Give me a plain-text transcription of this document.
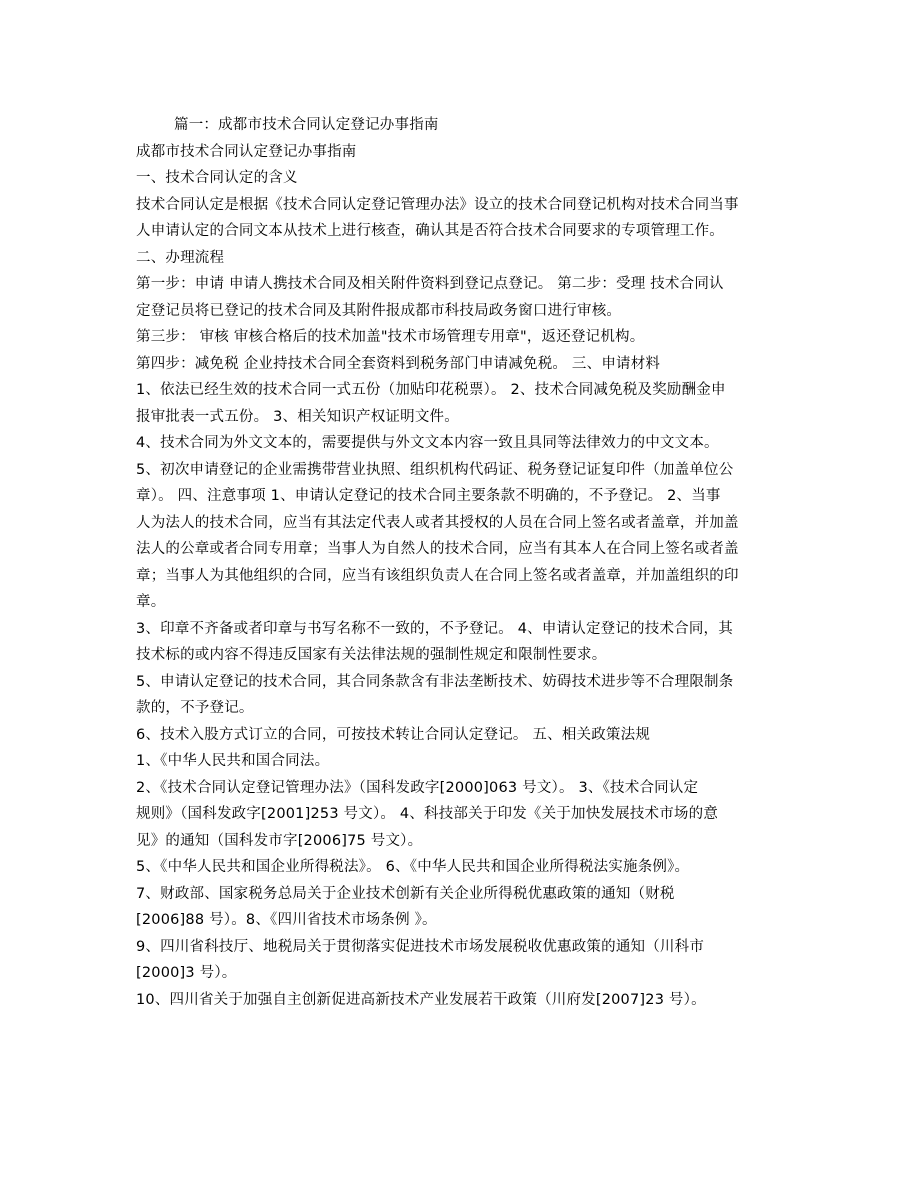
篇一：成都市技术合同认定登记办事指南
成都市技术合同认定登记办事指南
一、技术合同认定的含义
技术合同认定是根据《技术合同认定登记管理办法》设立的技术合同登记机构对技术合同当事
人申请认定的合同文本从技术上进行核查，确认其是否符合技术合同要求的专项管理工作。
二、办理流程
第一步：申请 申请人携技术合同及相关附件资料到登记点登记。 第二步：受理 技术合同认
定登记员将已登记的技术合同及其附件报成都市科技局政务窗口进行审核。
第三步： 审核 审核合格后的技术加盖"技术市场管理专用章"，返还登记机构。
第四步：减免税 企业持技术合同全套资料到税务部门申请减免税。 三、申请材料
1、依法已经生效的技术合同一式五份（加贴印花税票）。 2、技术合同减免税及奖励酬金申
报审批表一式五份。 3、相关知识产权证明文件。
4、技术合同为外文文本的，需要提供与外文文本内容一致且具同等法律效力的中文文本。
5、初次申请登记的企业需携带营业执照、组织机构代码证、税务登记证复印件（加盖单位公
章）。 四、注意事项 1、申请认定登记的技术合同主要条款不明确的，不予登记。 2、当事
人为法人的技术合同，应当有其法定代表人或者其授权的人员在合同上签名或者盖章，并加盖
法人的公章或者合同专用章；当事人为自然人的技术合同，应当有其本人在合同上签名或者盖
章；当事人为其他组织的合同，应当有该组织负责人在合同上签名或者盖章，并加盖组织的印
章。
3、印章不齐备或者印章与书写名称不一致的，不予登记。 4、申请认定登记的技术合同，其
技术标的或内容不得违反国家有关法律法规的强制性规定和限制性要求。
5、申请认定登记的技术合同，其合同条款含有非法垄断技术、妨碍技术进步等不合理限制条
款的，不予登记。
6、技术入股方式订立的合同，可按技术转让合同认定登记。 五、相关政策法规
1、《中华人民共和国合同法。
2、《技术合同认定登记管理办法》（国科发政字[2000]063 号文）。 3、《技术合同认定
规则》（国科发政字[2001]253 号文）。 4、科技部关于印发《关于加快发展技术市场的意
见》的通知（国科发市字[2006]75 号文）。
5、《中华人民共和国企业所得税法》。 6、《中华人民共和国企业所得税法实施条例》。
7、财政部、国家税务总局关于企业技术创新有关企业所得税优惠政策的通知（财税
[2006]88 号）。8、《四川省技术市场条例 》。
9、四川省科技厅、地税局关于贯彻落实促进技术市场发展税收优惠政策的通知（川科市
[2000]3 号）。
10、四川省关于加强自主创新促进高新技术产业发展若干政策（川府发[2007]23 号）。
